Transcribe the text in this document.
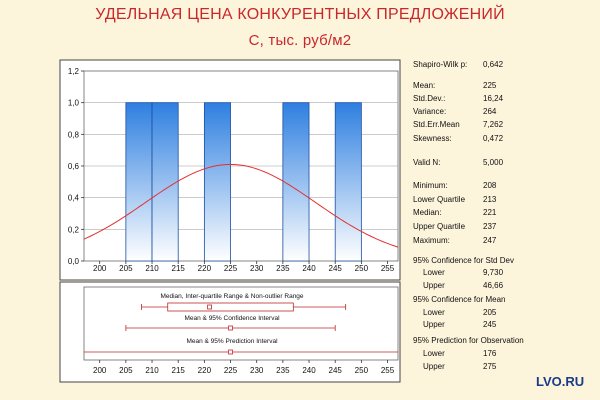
УДЕЛЬНАЯ ЦЕНА КОНКУРЕНТНЫХ ПРЕДЛОЖЕНИЙ
С, тыс. руб/м2
0,0
0,2
0,4
0,6
0,8
1,0
1,2
200 205 210 215 220 225 230 235 240 245 250 255
Median, Inter-quartile Range & Non-outlier Range
Mean & 95% Confidence Interval
Mean & 95% Prediction Interval
200 205 210 215 220 225 230 235 240 245 250 255
Shapiro-Wilk p: 0,642
Mean:	225
Std.Dev.:	16,24
Variance:	264
Std.Err.Mean	7,262
Skewness:	0,472
Valid N:	5,000
Minimum:	208
Lower Quartile 213
Median:	221
Upper Quartile 237
Maximum:	247
95% Confidence for Std Dev
Lower	9,730
Upper	46,66
95% Confidence for Mean
Lower	205
Upper	245
95% Prediction for Observation
Lower	176
Upper	275
LVO.RU
